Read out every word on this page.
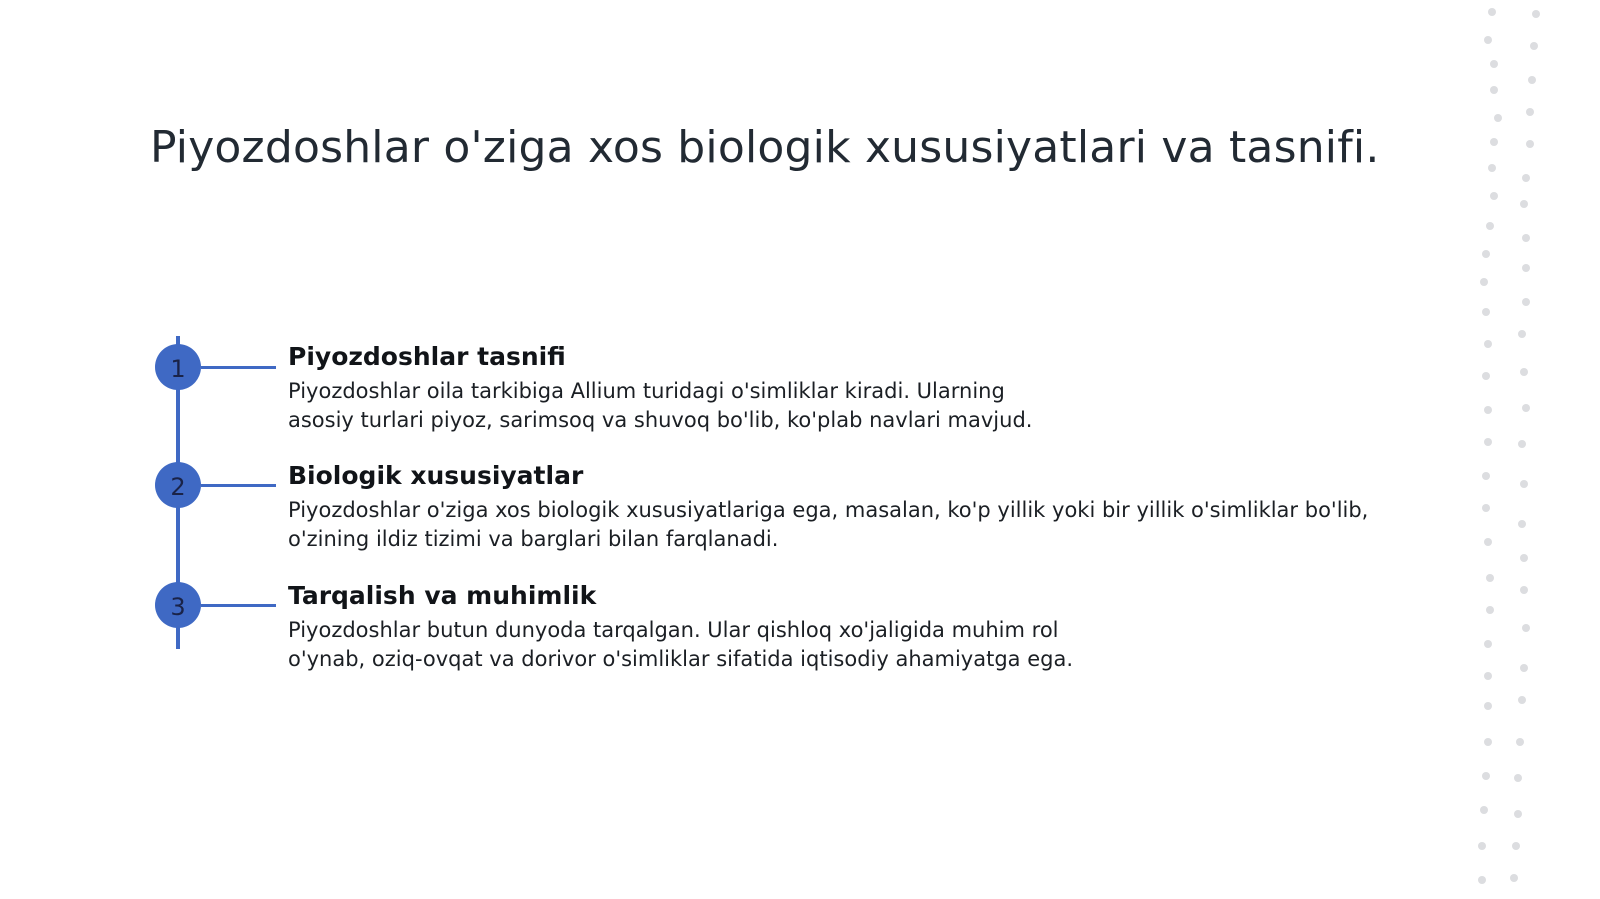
Piyozdoshlar o'ziga xos biologik xususiyatlari va tasnifi.
1	Piyozdoshlar tasnifi
Piyozdoshlar oila tarkibiga Allium turidagi o'simliklar kiradi. Ularning asosiy turlari piyoz, sarimsoq va shuvoq bo'lib, ko'plab navlari mavjud.
2	Biologik xususiyatlar
Piyozdoshlar o'ziga xos biologik xususiyatlariga ega, masalan, ko'p yillik yoki bir yillik o'simliklar bo'lib, o'zining ildiz tizimi va barglari bilan farqlanadi.
3	Tarqalish va muhimlik
Piyozdoshlar butun dunyoda tarqalgan. Ular qishloq xo'jaligida muhim rol o'ynab, oziq-ovqat va dorivor o'simliklar sifatida iqtisodiy ahamiyatga ega.
